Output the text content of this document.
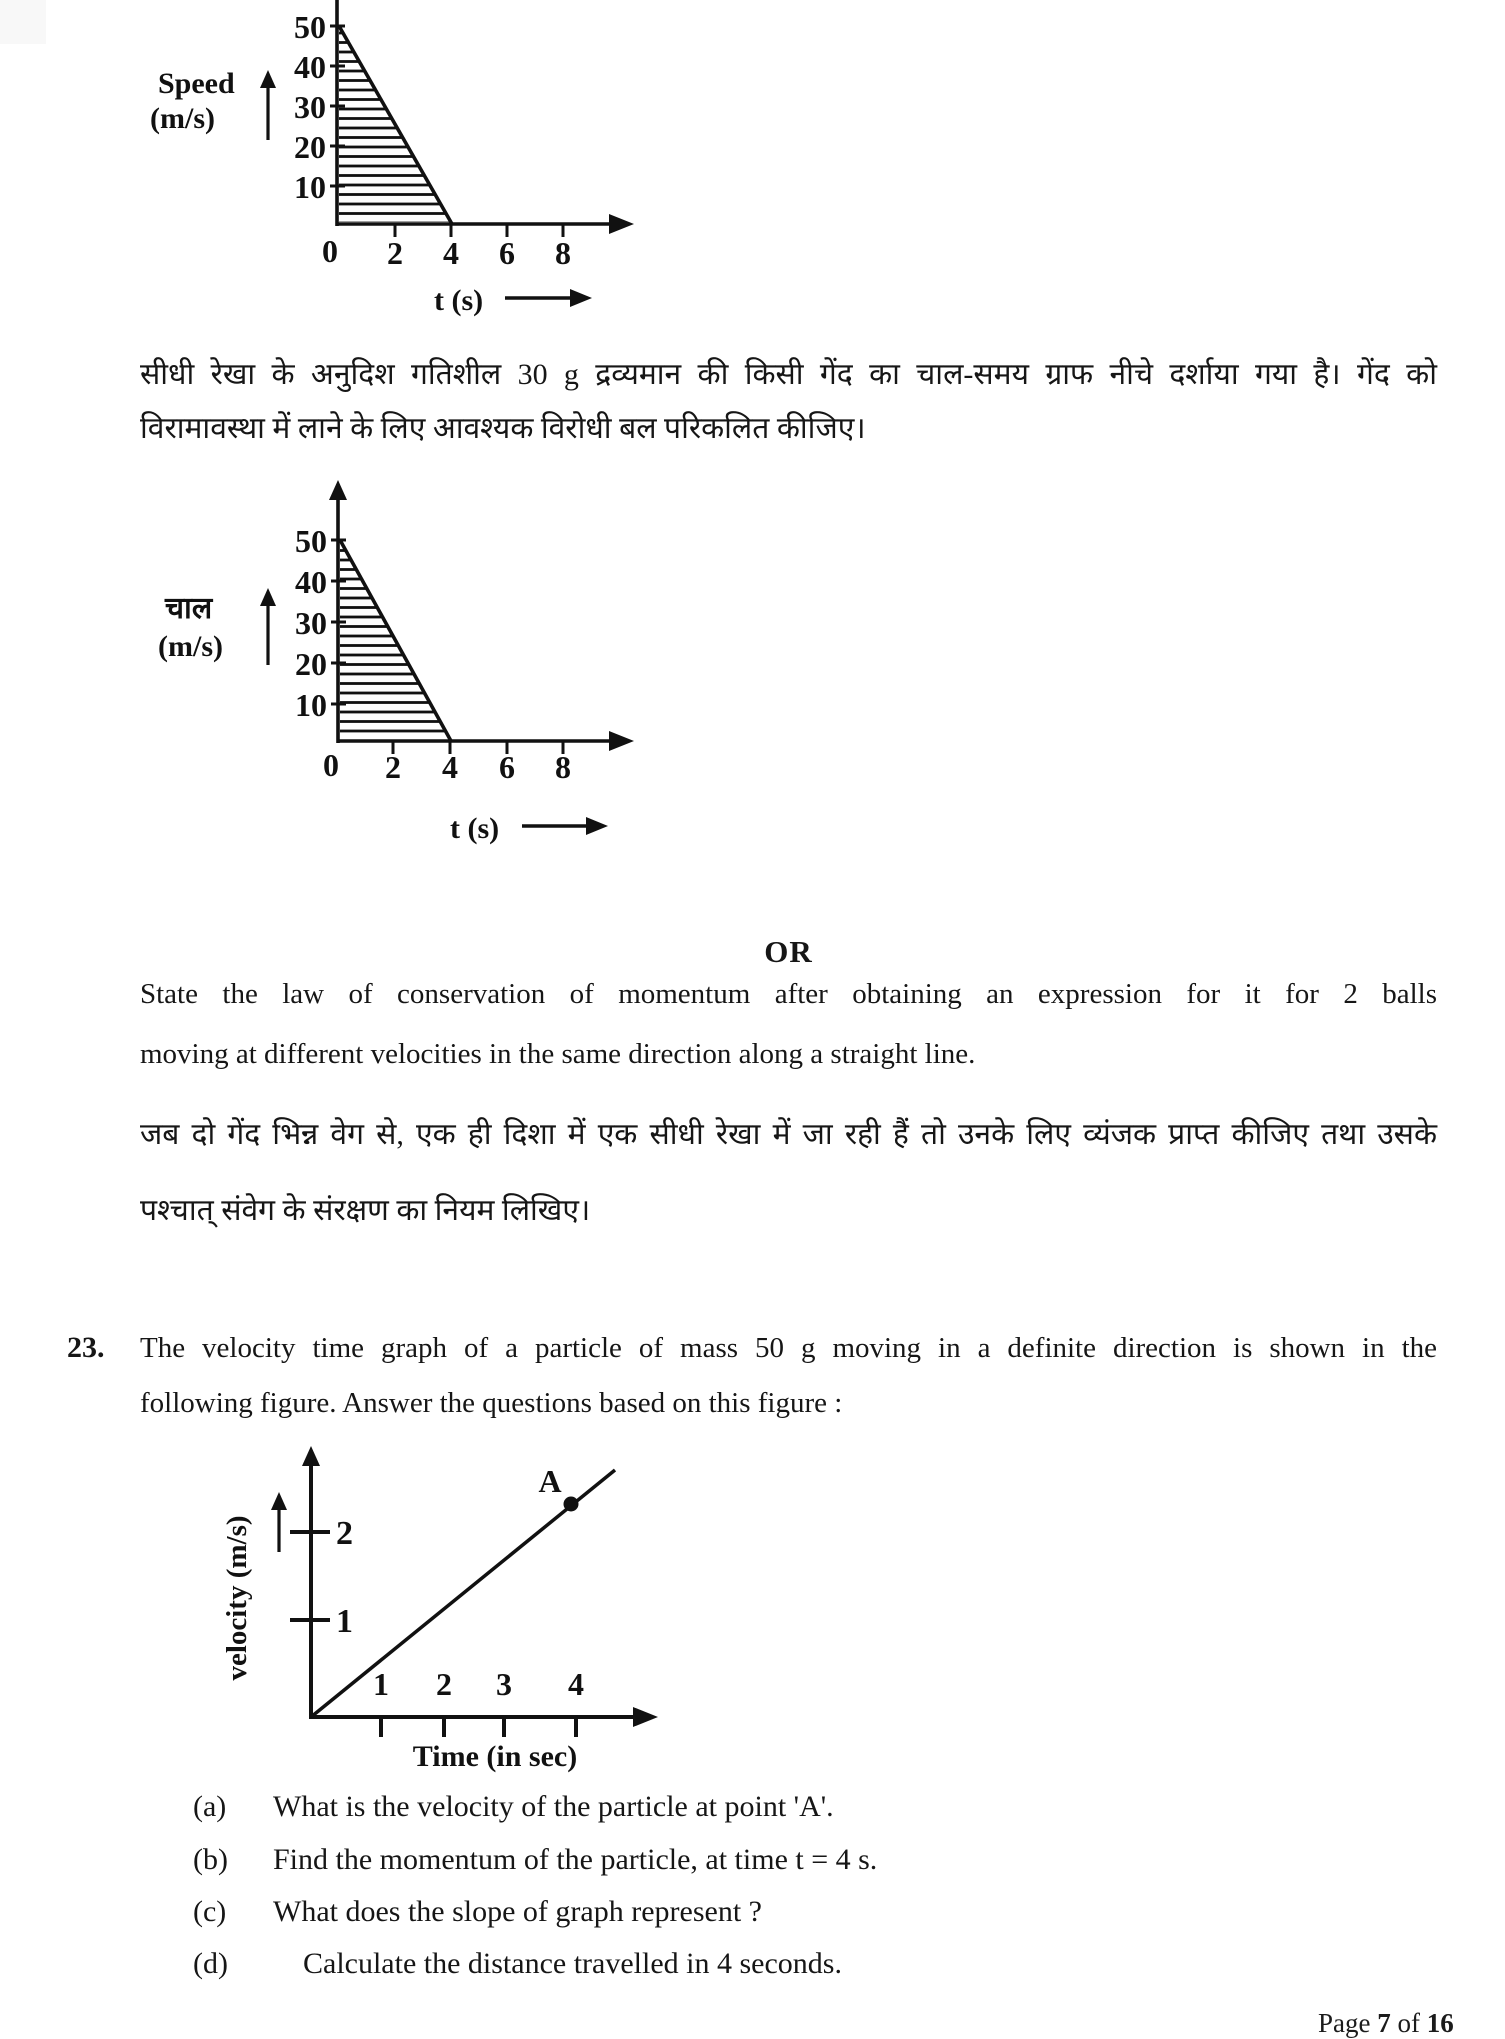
50
40
30
20
10
0 2 4 6 8
Speed
(m/s)
t (s)
सीधी रेखा के अनुदिश गतिशील 30 g द्रव्यमान की किसी गेंद का चाल-समय ग्राफ नीचे दर्शाया गया है। गेंद को
विरामावस्था में लाने के लिए आवश्यक विरोधी बल परिकलित कीजिए।
50
40
30
20
10
0 2 4 6 8
चाल
(m/s)
t (s)
OR
State the law of conservation of momentum after obtaining an expression for it for 2 balls
moving at different velocities in the same direction along a straight line.
जब दो गेंद भिन्न वेग से, एक ही दिशा में एक सीधी रेखा में जा रही हैं तो उनके लिए व्यंजक प्राप्त कीजिए तथा उसके
पश्चात् संवेग के संरक्षण का नियम लिखिए।
23. The velocity time graph of a particle of mass 50 g moving in a definite direction is shown in the
following figure. Answer the questions based on this figure :
A
2
1
1 2 3 4
velocity (m/s)
Time (in sec)
(a) What is the velocity of the particle at point 'A'.
(b) Find the momentum of the particle, at time t = 4 s.
(c) What does the slope of graph represent ?
(d)	Calculate the distance travelled in 4 seconds.
Page 7 of 16
